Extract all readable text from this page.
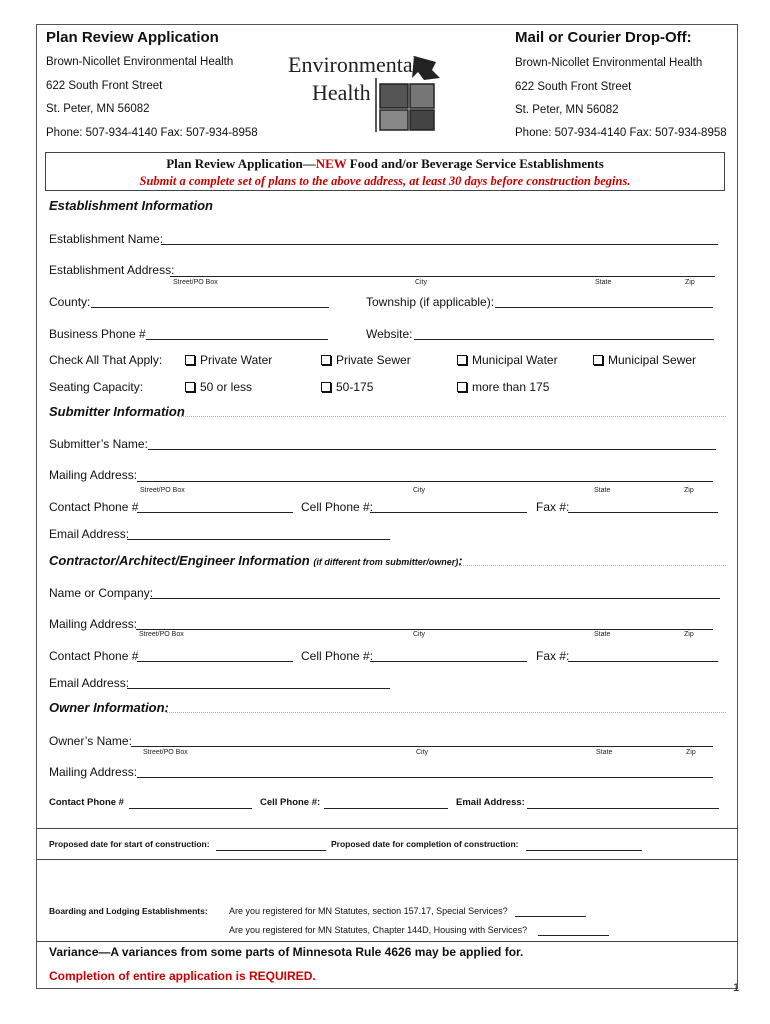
Plan Review Application
Brown-Nicollet Environmental Health
622 South Front Street
St. Peter, MN 56082
Phone: 507-934-4140 Fax: 507-934-8958
Environmental
Health
Mail or Courier Drop-Off:
Brown-Nicollet Environmental Health
622 South Front Street
St. Peter, MN 56082
Phone: 507-934-4140 Fax: 507-934-8958
Plan Review Application—NEW Food and/or Beverage Service Establishments
Submit a complete set of plans to the above address, at least 30 days before construction begins.
Establishment Information
Establishment Name:
Establishment Address:
Street/PO Box	City	State	Zip
County:	Township (if applicable):
Business Phone #	Website:
Check All That Apply:	Private Water	Private Sewer	Municipal Water	Municipal Sewer
Seating Capacity:	50 or less	50-175	more than 175
Submitter Information
Submitter’s Name:
Mailing Address:
Street/PO Box	City	State	Zip
Contact Phone #	Cell Phone #:	Fax #:
Email Address:
Contractor/Architect/Engineer Information (if different from submitter/owner):
Name or Company:
Mailing Address:
Street/PO Box	City	State	Zip
Contact Phone #	Cell Phone #:	Fax #:
Email Address:
Owner Information:
Owner’s Name:
Street/PO Box	City	State	Zip
Mailing Address:
Contact Phone #	Cell Phone #:	Email Address:
Proposed date for start of construction:	Proposed date for completion of construction:
Boarding and Lodging Establishments: Are you registered for MN Statutes, section 157.17, Special Services?
Are you registered for MN Statutes, Chapter 144D, Housing with Services?
Variance—A variances from some parts of Minnesota Rule 4626 may be applied for.
Completion of entire application is REQUIRED.
1
